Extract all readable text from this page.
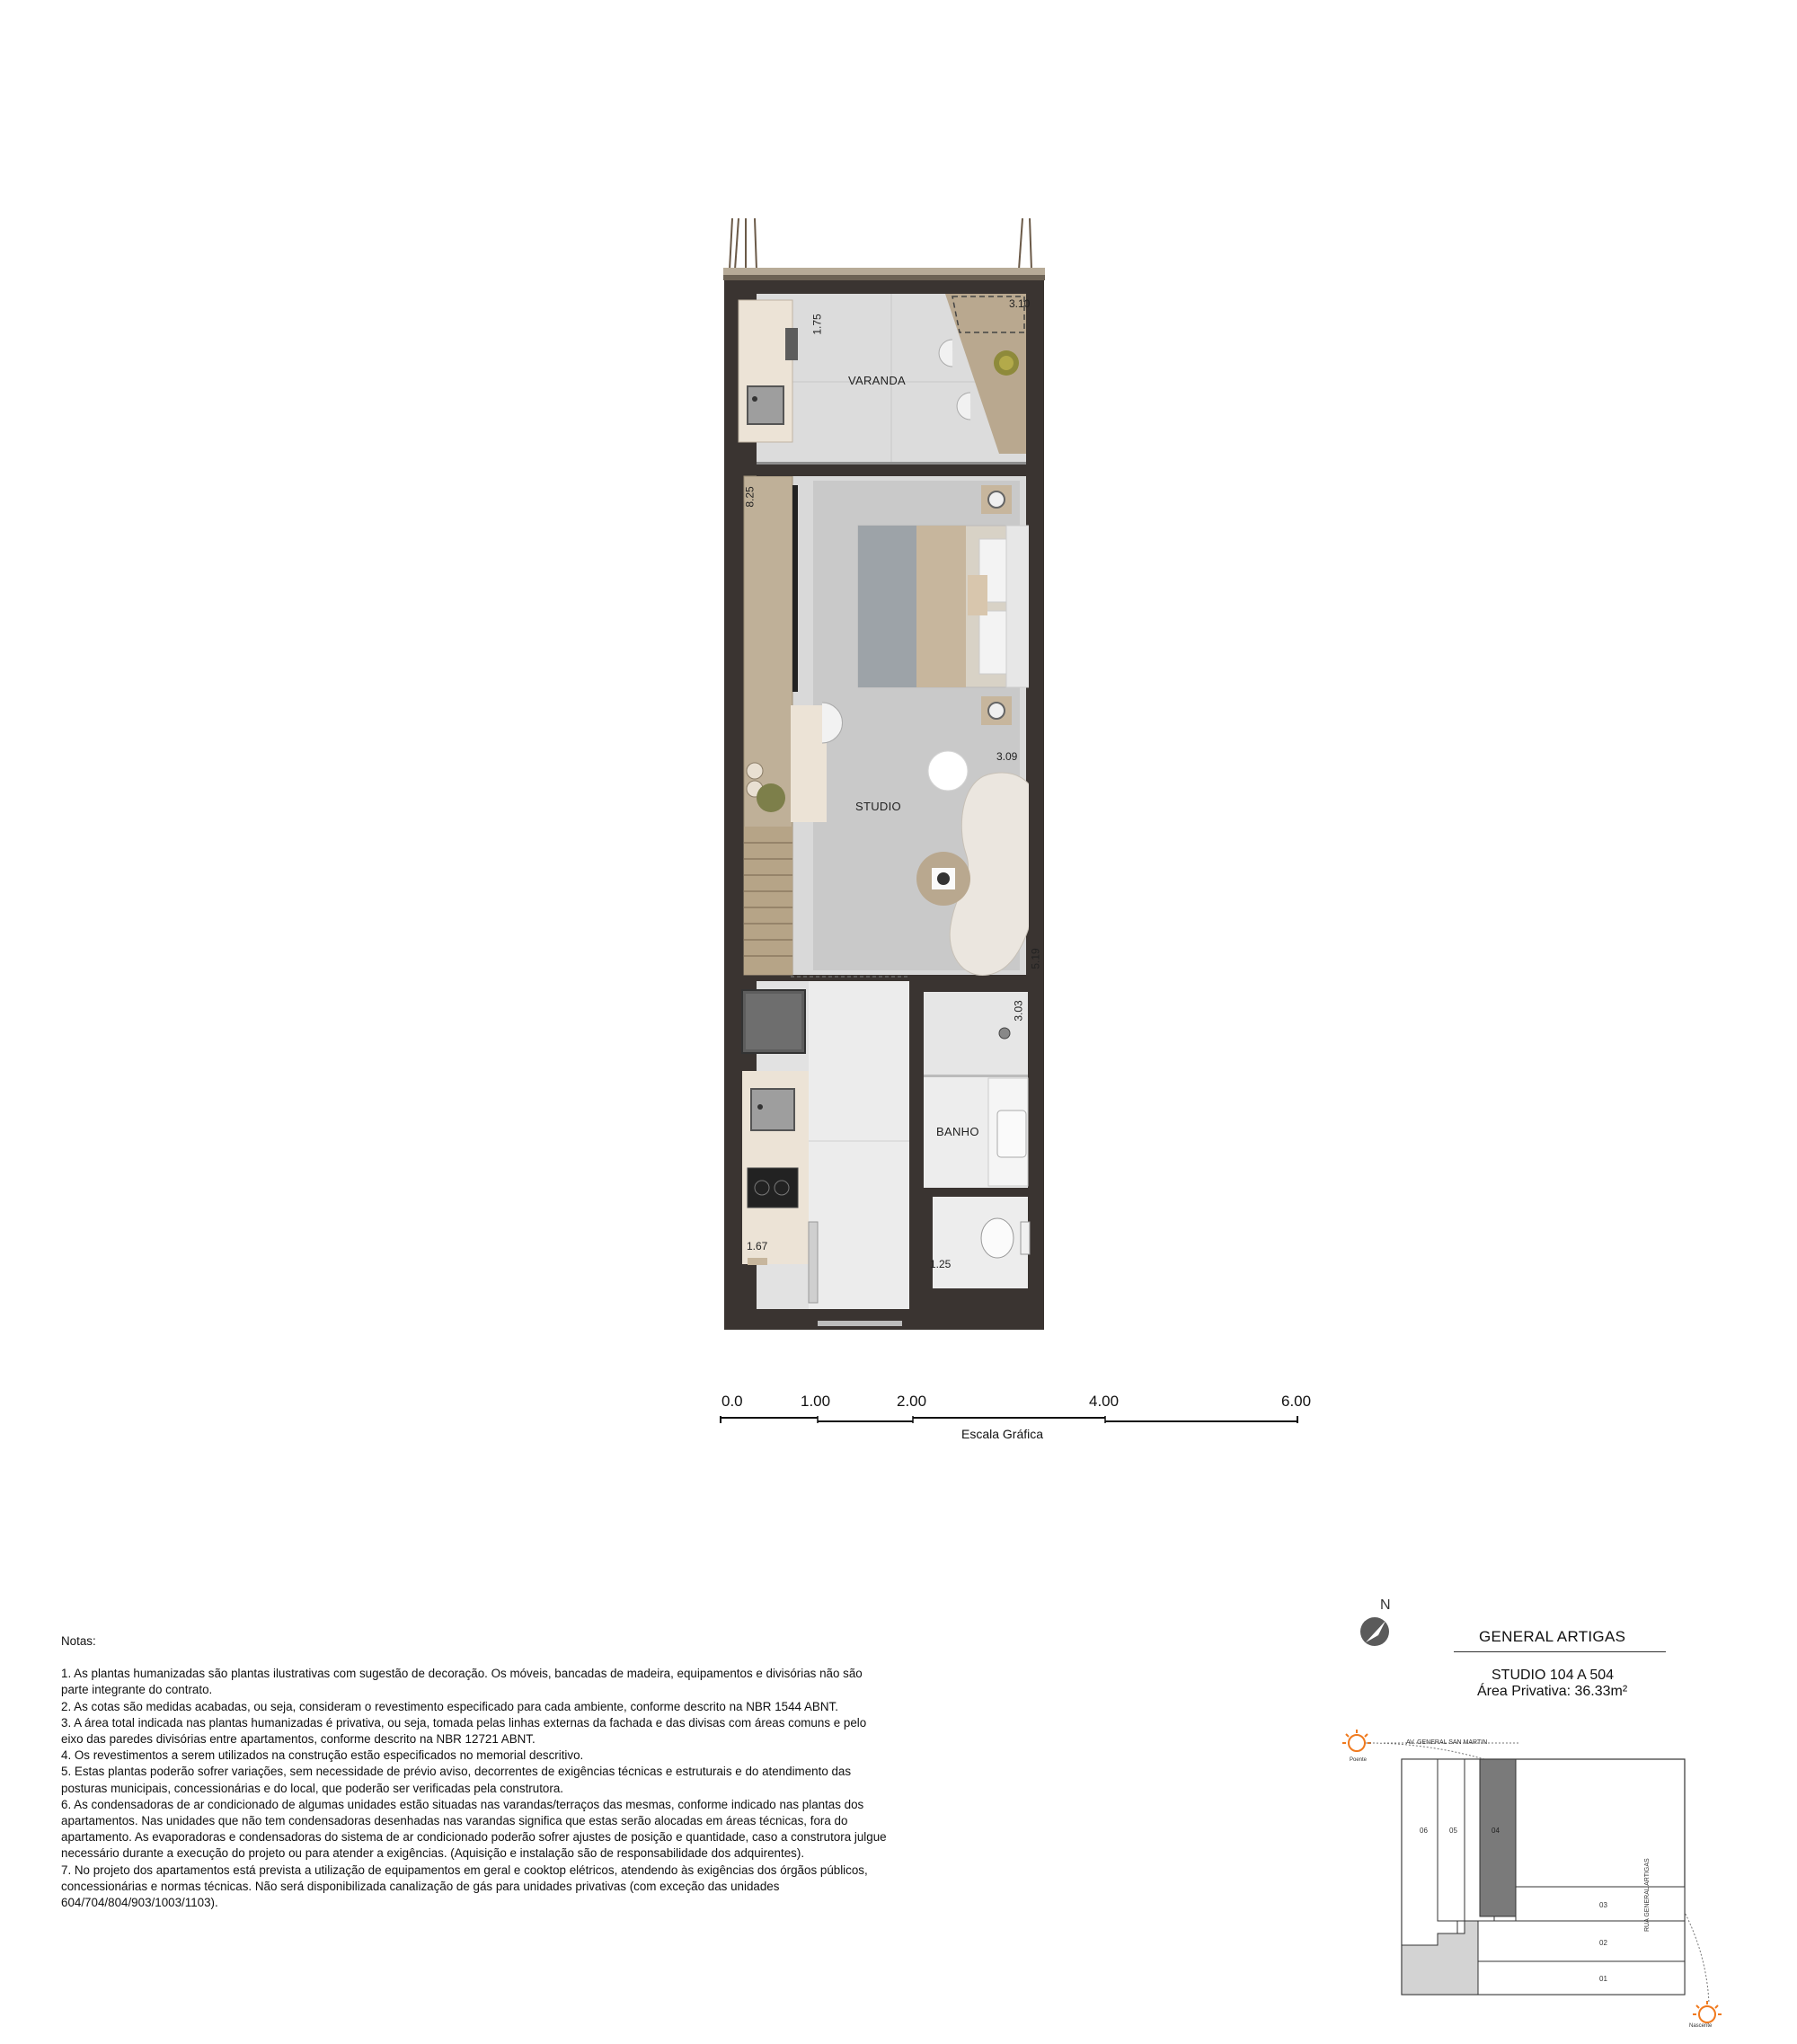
VARANDA
STUDIO
BANHO
1.75
3.10
8.25
3.09
5.19
3.03
1.67
1.25
0.0	1.00	2.00	4.00	6.00
Escala Gráfica

Notas:

1. As plantas humanizadas são plantas ilustrativas com sugestão de decoração. Os móveis, bancadas de madeira, equipamentos e divisórias não são parte integrante do contrato.

2. As cotas são medidas acabadas, ou seja, consideram o revestimento especificado para cada ambiente, conforme descrito na NBR 1544 ABNT.

3. A área total indicada nas plantas humanizadas é privativa, ou seja, tomada pelas linhas externas da fachada e das divisas com áreas comuns e pelo eixo das paredes divisórias entre apartamentos, conforme descrito na NBR 12721 ABNT.

4. Os revestimentos a serem utilizados na construção estão especificados no memorial descritivo.

5. Estas plantas poderão sofrer variações, sem necessidade de prévio aviso, decorrentes de exigências técnicas e estruturais e do atendimento das posturas municipais, concessionárias e do local, que poderão ser verificadas pela construtora.

6. As condensadoras de ar condicionado de algumas unidades estão situadas nas varandas/terraços das mesmas, conforme indicado nas plantas dos apartamentos. Nas unidades que não tem condensadoras desenhadas nas varandas significa que estas serão alocadas em áreas técnicas, fora do apartamento. As evaporadoras e condensadoras do sistema de ar condicionado poderão sofrer ajustes de posição e quantidade, caso a construtora julgue necessário durante a execução do projeto ou para atender a exigências. (Aquisição e instalação são de responsabilidade dos adquirentes).

7. No projeto dos apartamentos está prevista a utilização de equipamentos em geral e cooktop elétricos, atendendo às exigências dos órgãos públicos, concessionárias e normas técnicas. Não será disponibilizada canalização de gás para unidades privativas (com exceção das unidades 604/704/804/903/1003/1103).

N
GENERAL ARTIGAS
STUDIO 104 A 504
Área Privativa: 36.33m²
06	05	04
03
02
01
AV. GENERAL SAN MARTIN
Poente
Nascente
RUA GENERAL ARTIGAS
